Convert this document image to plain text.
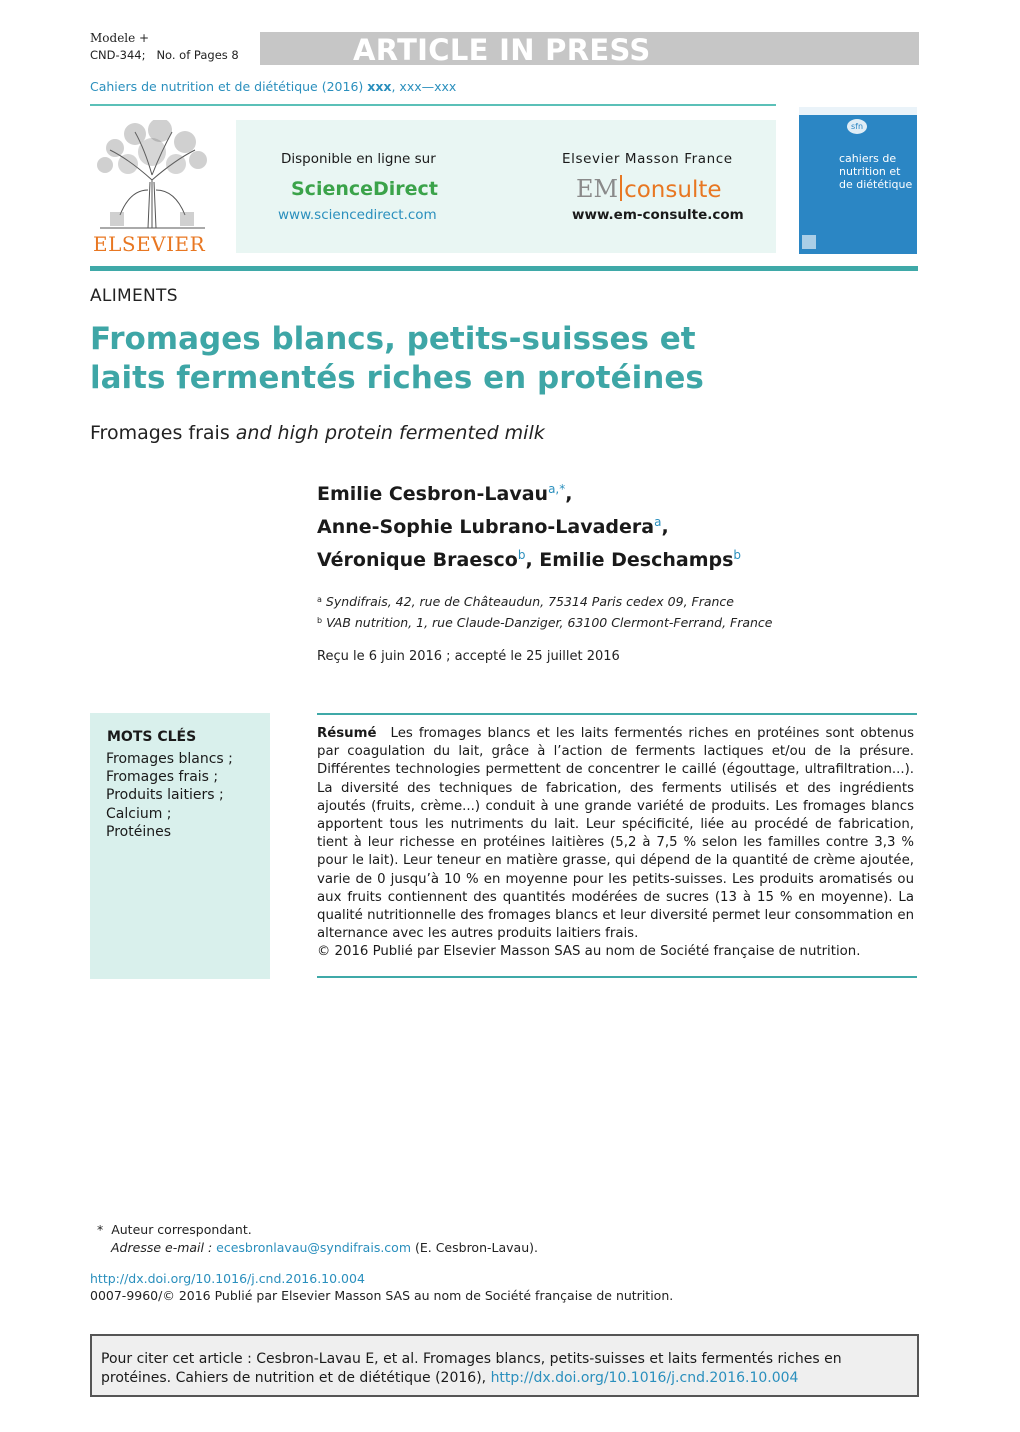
Modele +
CND-344; No. of Pages 8	ARTICLE IN PRESS
Cahiers de nutrition et de diététique (2016) xxx, xxx—xxx
ELSEVIER
Disponible en ligne sur
ScienceDirect
www.sciencedirect.com
Elsevier Masson France
EM consulte
www.em-consulte.com
sfn
cahiers de nutrition et de diététique
ALIMENTS
Fromages blancs, petits-suisses et laits fermentés riches en protéines
Fromages frais and high protein fermented milk
Emilie Cesbron-Lavau$^{a,*}$,
Anne-Sophie Lubrano-Lavadera$^a$,
Véronique Braesco$^b$, Emilie Deschamps$^b$
$^a$ Syndifrais, 42, rue de Châteaudun, 75314 Paris cedex 09, France
$^b$ VAB nutrition, 1, rue Claude-Danziger, 63100 Clermont-Ferrand, France
Reçu le 6 juin 2016 ; accepté le 25 juillet 2016
MOTS CLÉS
Fromages blancs ;
Fromages frais ;
Produits laitiers ;
Calcium ;
Protéines

Résumé Les fromages blancs et les laits fermentés riches en protéines sont obtenus par coagulation du lait, grâce à l’action de ferments lactiques et/ou de la présure. Différentes technologies permettent de concentrer le caillé (égouttage, ultrafiltration...). La diversité des techniques de fabrication, des ferments utilisés et des ingrédients ajoutés (fruits, crème...) conduit à une grande variété de produits. Les fromages blancs apportent tous les nutriments du lait. Leur spécificité, liée au procédé de fabrication, tient à leur richesse en protéines laitières (5,2 à 7,5 % selon les familles contre 3,3 % pour le lait). Leur teneur en matière grasse, qui dépend de la quantité de crème ajoutée, varie de 0 jusqu’à 10 % en moyenne pour les petits-suisses. Les produits aromatisés ou aux fruits contiennent des quantités modérées de sucres (13 à 15 % en moyenne). La qualité nutritionnelle des fromages blancs et leur diversité permet leur consommation en alternance avec les autres produits laitiers frais.

© 2016 Publié par Elsevier Masson SAS au nom de Société française de nutrition.

* Auteur correspondant.
Adresse e-mail : ecesbronlavau@syndifrais.com (E. Cesbron-Lavau).
http://dx.doi.org/10.1016/j.cnd.2016.10.004
0007-9960/© 2016 Publié par Elsevier Masson SAS au nom de Société française de nutrition.
Pour citer cet article : Cesbron-Lavau E, et al. Fromages blancs, petits-suisses et laits fermentés riches en protéines. Cahiers de nutrition et de diététique (2016), http://dx.doi.org/10.1016/j.cnd.2016.10.004
